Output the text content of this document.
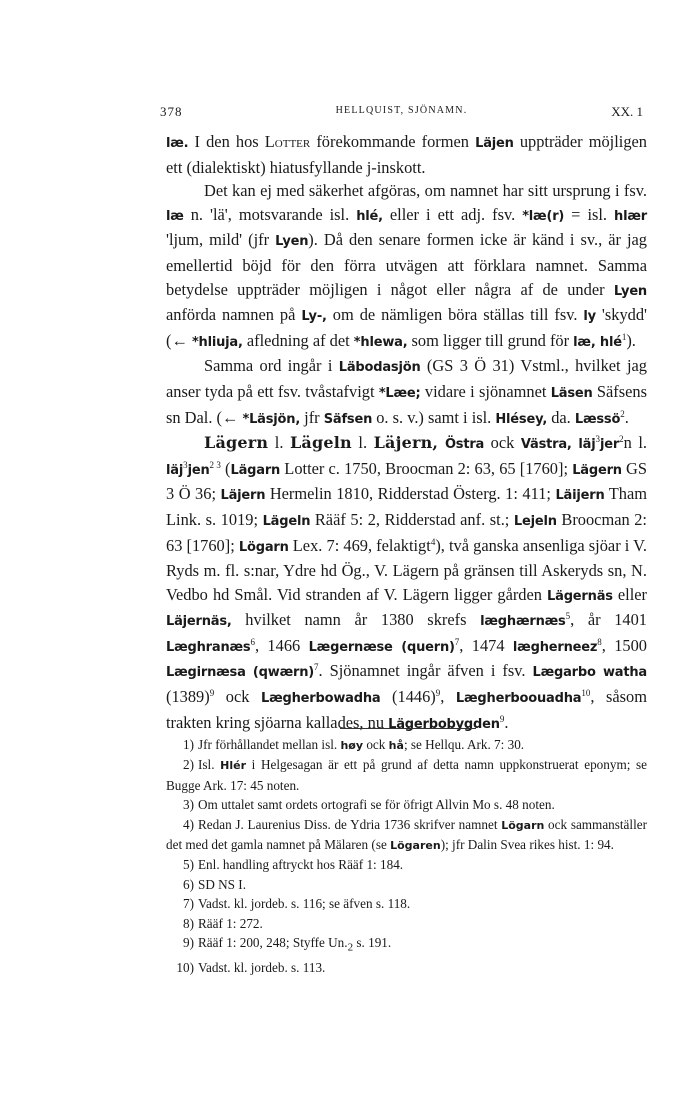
378	HELLQUIST, SJÖNAMN.	XX. 1

læ. I den hos Lotter förekommande formen Läjen uppträder möjligen ett (dialektiskt) hiatusfyllande j-inskott.

Det kan ej med säkerhet afgöras, om namnet har sitt ursprung i fsv. læ n. 'lä', motsvarande isl. hlé, eller i ett adj. fsv. *læ(r) = isl. hlær 'ljum, mild' (jfr Lyen). Då den senare formen icke är känd i sv., är jag emellertid böjd för den förra utvägen att förklara namnet. Samma betydelse uppträder möjligen i något eller några af de under Lyen anförda namnen på Ly-, om de nämligen böra ställas till fsv. ly 'skydd' (← *hliuja, afledning af det *hlewa, som ligger till grund för læ, hlé$^1$).

Samma ord ingår i Läbodasjön (GS 3 Ö 31) Vstml., hvilket jag anser tyda på ett fsv. tvåstafvigt *Læe; vidare i sjönamnet Läsen Säfsens sn Dal. (← *Läsjön, jfr Säfsen o. s. v.) samt i isl. Hlésey, da. Læssö$^2$.

Lägern l. Lägeln l. Läjern, Östra ock Västra, läj$^3$jer$^2$n l. läj$^3$jen$^{2 3}$ (Lägarn Lotter c. 1750, Broocman 2: 63, 65 [1760]; Lägern GS 3 Ö 36; Läjern Hermelin 1810, Ridderstad Österg. 1: 411; Läijern Tham Link. s. 1019; Lägeln Rääf 5: 2, Ridderstad anf. st.; Lejeln Broocman 2: 63 [1760]; Lögarn Lex. 7: 469, felaktigt$^4$), två ganska ansenliga sjöar i V. Ryds m. fl. s:nar, Ydre hd Ög., V. Lägern på gränsen till Askeryds sn, N. Vedbo hd Smål. Vid stranden af V. Lägern ligger gården Lägernäs eller Läjernäs, hvilket namn år 1380 skrefs læghærnæs$^5$, år 1401 Læghranæs$^6$, 1466 Lægernæse (quern)$^7$, 1474 lægherneez$^8$, 1500 Lægirnæsa (qwærn)$^7$. Sjönamnet ingår äfven i fsv. Lægarbo watha $(1389)^9$ ock Lægherbowadha $(1446)^9$, Lægherboouadha$^{10}$, såsom trakten kring sjöarna kallades, nu Lägerbobygden$^9$.

1) Jfr förhållandet mellan isl. høy ock hå; se Hellqu. Ark. 7: 30.

2) Isl. Hlér i Helgesagan är ett på grund af detta namn uppkonstruerat eponym; se Bugge Ark. 17: 45 noten.

3) Om uttalet samt ordets ortografi se för öfrigt Allvin Mo s. 48 noten.

4) Redan J. Laurenius Diss. de Ydria 1736 skrifver namnet Lögarn ock sammanställer det med det gamla namnet på Mälaren (se Lögaren); jfr Dalin Svea rikes hist. 1: 94.

5) Enl. handling aftryckt hos Rääf 1: 184.

6) SD NS I.

7) Vadst. kl. jordeb. s. 116; se äfven s. 118.

8) Rääf 1: 272.

9) Rääf 1: 200, 248; Styffe $Un._2$ s. 191.

10) Vadst. kl. jordeb. s. 113.
